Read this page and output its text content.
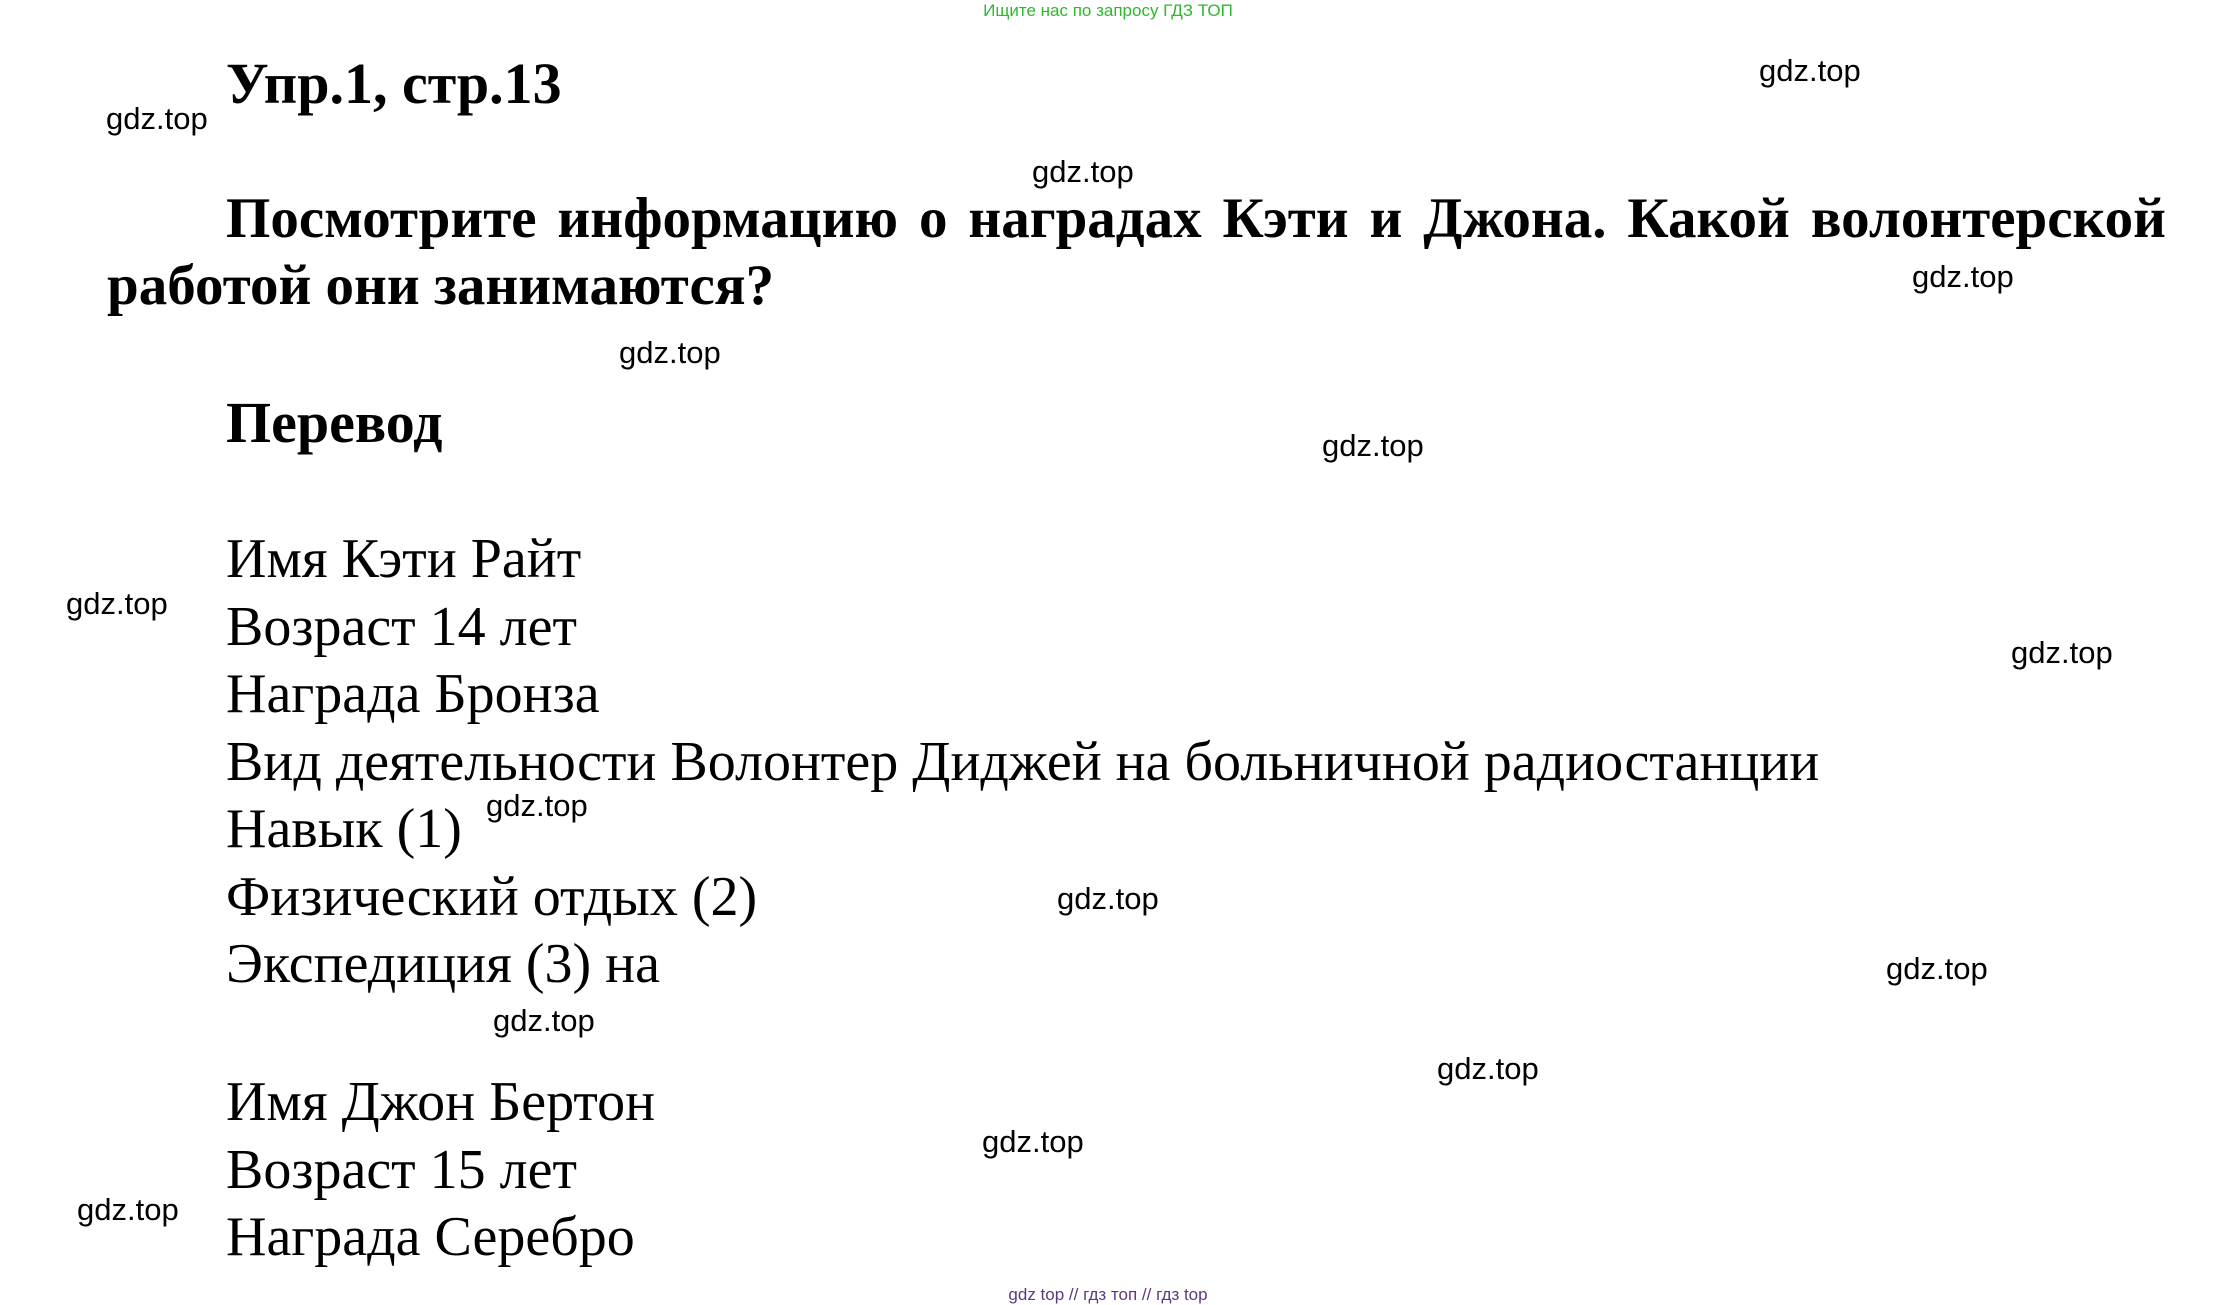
Ищите нас по запросу ГДЗ ТОП
Упр.1, стр.13

Посмотрите информацию о наградах Кэти и Джона. Какой волонтерской работой они занимаются?

Перевод
Имя Кэти Райт
Возраст 14 лет
Награда Бронза
Вид деятельности Волонтер Диджей на больничной радиостанции
Навык (1)
Физический отдых (2)
Экспедиция (3) на
Имя Джон Бертон
Возраст 15 лет
Награда Серебро
gdz.top
gdz.top
gdz.top
gdz.top
gdz.top
gdz.top
gdz.top
gdz.top
gdz.top
gdz.top
gdz.top
gdz.top
gdz.top
gdz.top
gdz.top
gdz top // гдз топ // гдз top
